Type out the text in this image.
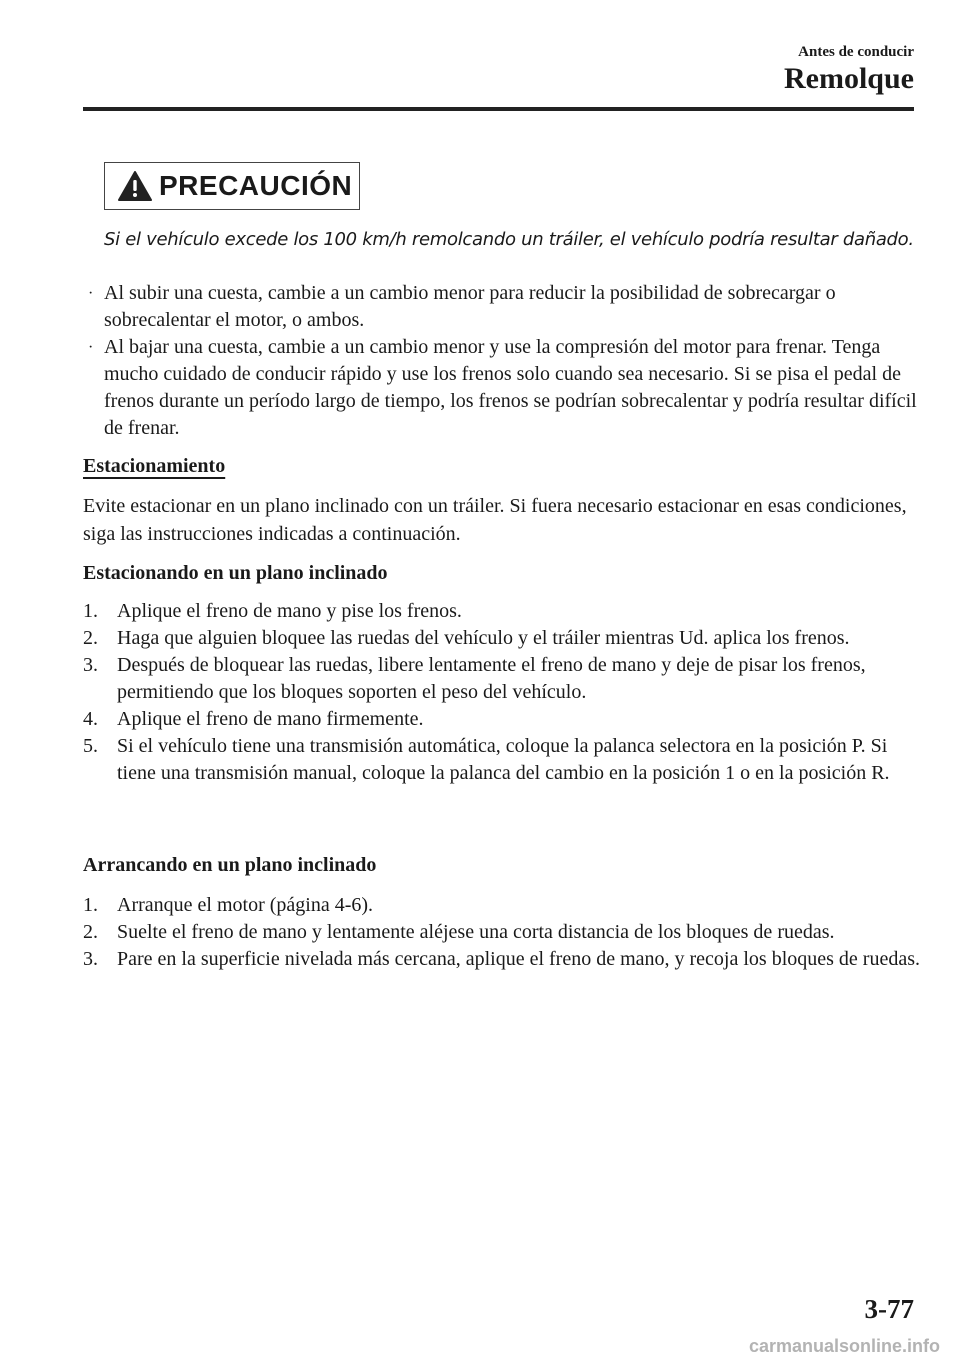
Antes de conducir
Remolque
PRECAUCIÓN
Si el vehículo excede los 100 km/h remolcando un tráiler, el vehículo podría resultar dañado.
· Al subir una cuesta, cambie a un cambio menor para reducir la posibilidad de sobrecargar o sobrecalentar el motor, o ambos.
· Al bajar una cuesta, cambie a un cambio menor y use la compresión del motor para frenar. Tenga mucho cuidado de conducir rápido y use los frenos solo cuando sea necesario. Si se pisa el pedal de frenos durante un período largo de tiempo, los frenos se podrían sobrecalentar y podría resultar difícil de frenar.
Estacionamiento

Evite estacionar en un plano inclinado con un tráiler. Si fuera necesario estacionar en esas condiciones, siga las instrucciones indicadas a continuación.

Estacionando en un plano inclinado
1. Aplique el freno de mano y pise los frenos.
2. Haga que alguien bloquee las ruedas del vehículo y el tráiler mientras Ud. aplica los frenos.
3. Después de bloquear las ruedas, libere lentamente el freno de mano y deje de pisar los frenos, permitiendo que los bloques soporten el peso del vehículo.
4. Aplique el freno de mano firmemente.
5. Si el vehículo tiene una transmisión automática, coloque la palanca selectora en la posición P. Si tiene una transmisión manual, coloque la palanca del cambio en la posición 1 o en la posición R.
Arrancando en un plano inclinado
1. Arranque el motor (página 4-6).
2. Suelte el freno de mano y lentamente aléjese una corta distancia de los bloques de ruedas.
3. Pare en la superficie nivelada más cercana, aplique el freno de mano, y recoja los bloques de ruedas.
3-77
carmanualsonline.info
